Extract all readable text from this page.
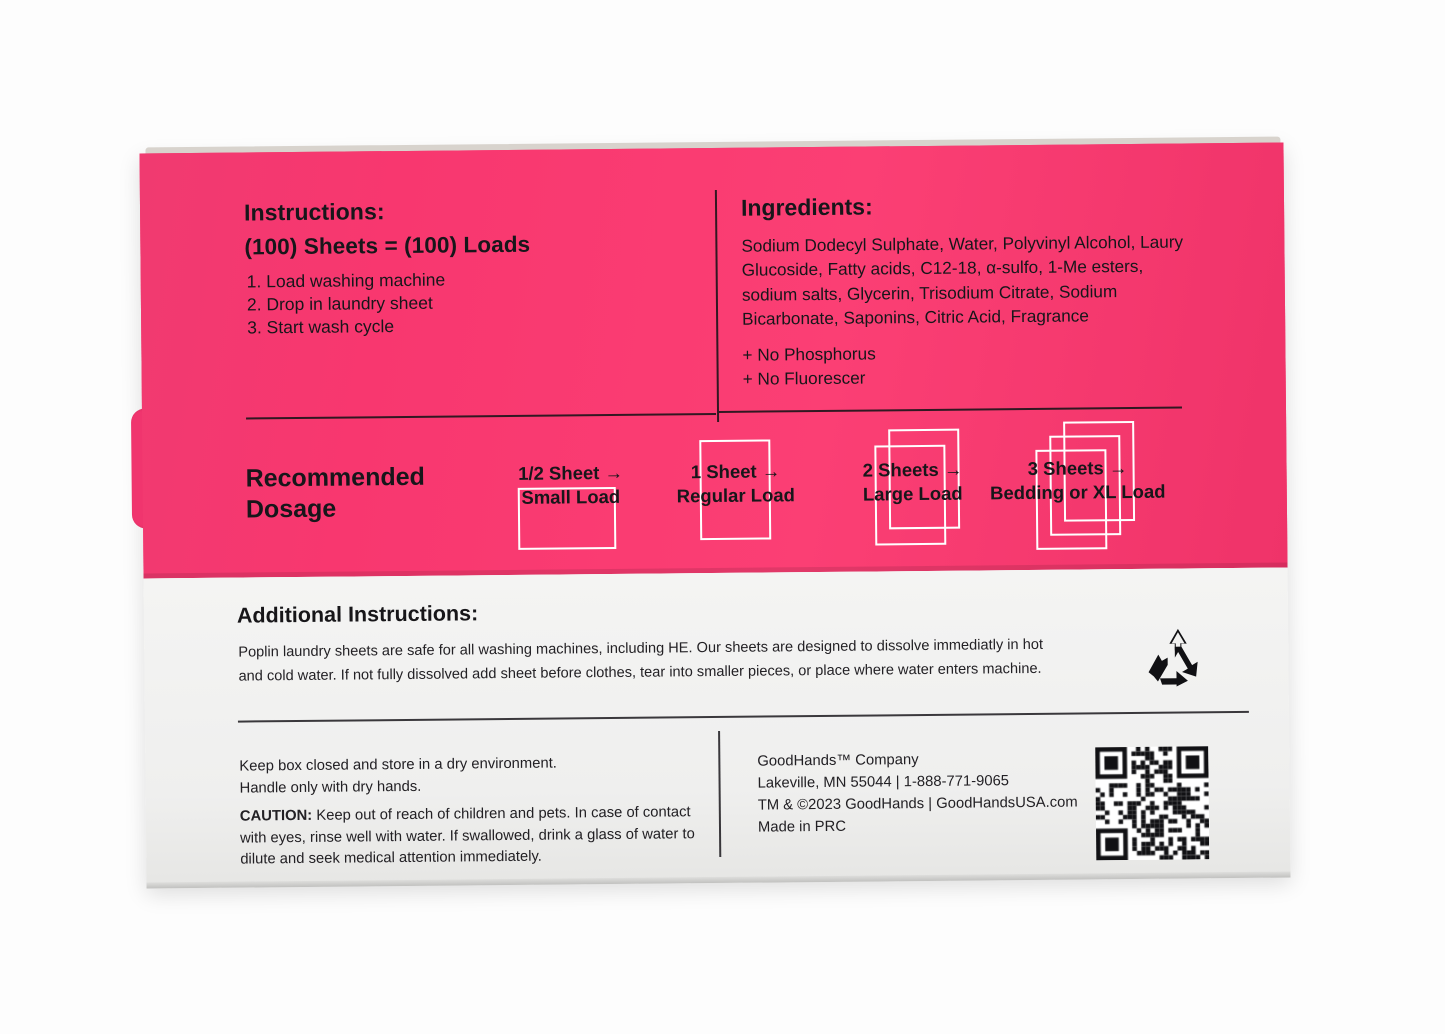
Instructions:
(100) Sheets = (100) Loads
1. Load washing machine
2. Drop in laundry sheet
3. Start wash cycle
Ingredients:
Sodium Dodecyl Sulphate, Water, Polyvinyl Alcohol, Laury Glucoside, Fatty acids, C12-18, α-sulfo, 1-Me esters, sodium salts, Glycerin, Trisodium Citrate, Sodium Bicarbonate, Saponins, Citric Acid, Fragrance
+ No Phosphorus
+ No Fluorescer
Recommended
Dosage
1/2 Sheet →
Small Load
1 Sheet →
Regular Load
2 Sheets →
Large Load
3 Sheets →
Bedding or XL Load
Additional Instructions:
Poplin laundry sheets are safe for all washing machines, including HE. Our sheets are designed to dissolve immediatly in hot and cold water. If not fully dissolved add sheet before clothes, tear into smaller pieces, or place where water enters machine.
Keep box closed and store in a dry environment.
Handle only with dry hands.
CAUTION: Keep out of reach of children and pets. In case of contact with eyes, rinse well with water. If swallowed, drink a glass of water to dilute and seek medical attention immediately.
GoodHands™ Company
Lakeville, MN 55044 | 1-888-771-9065
TM & ©2023 GoodHands | GoodHandsUSA.com
Made in PRC
